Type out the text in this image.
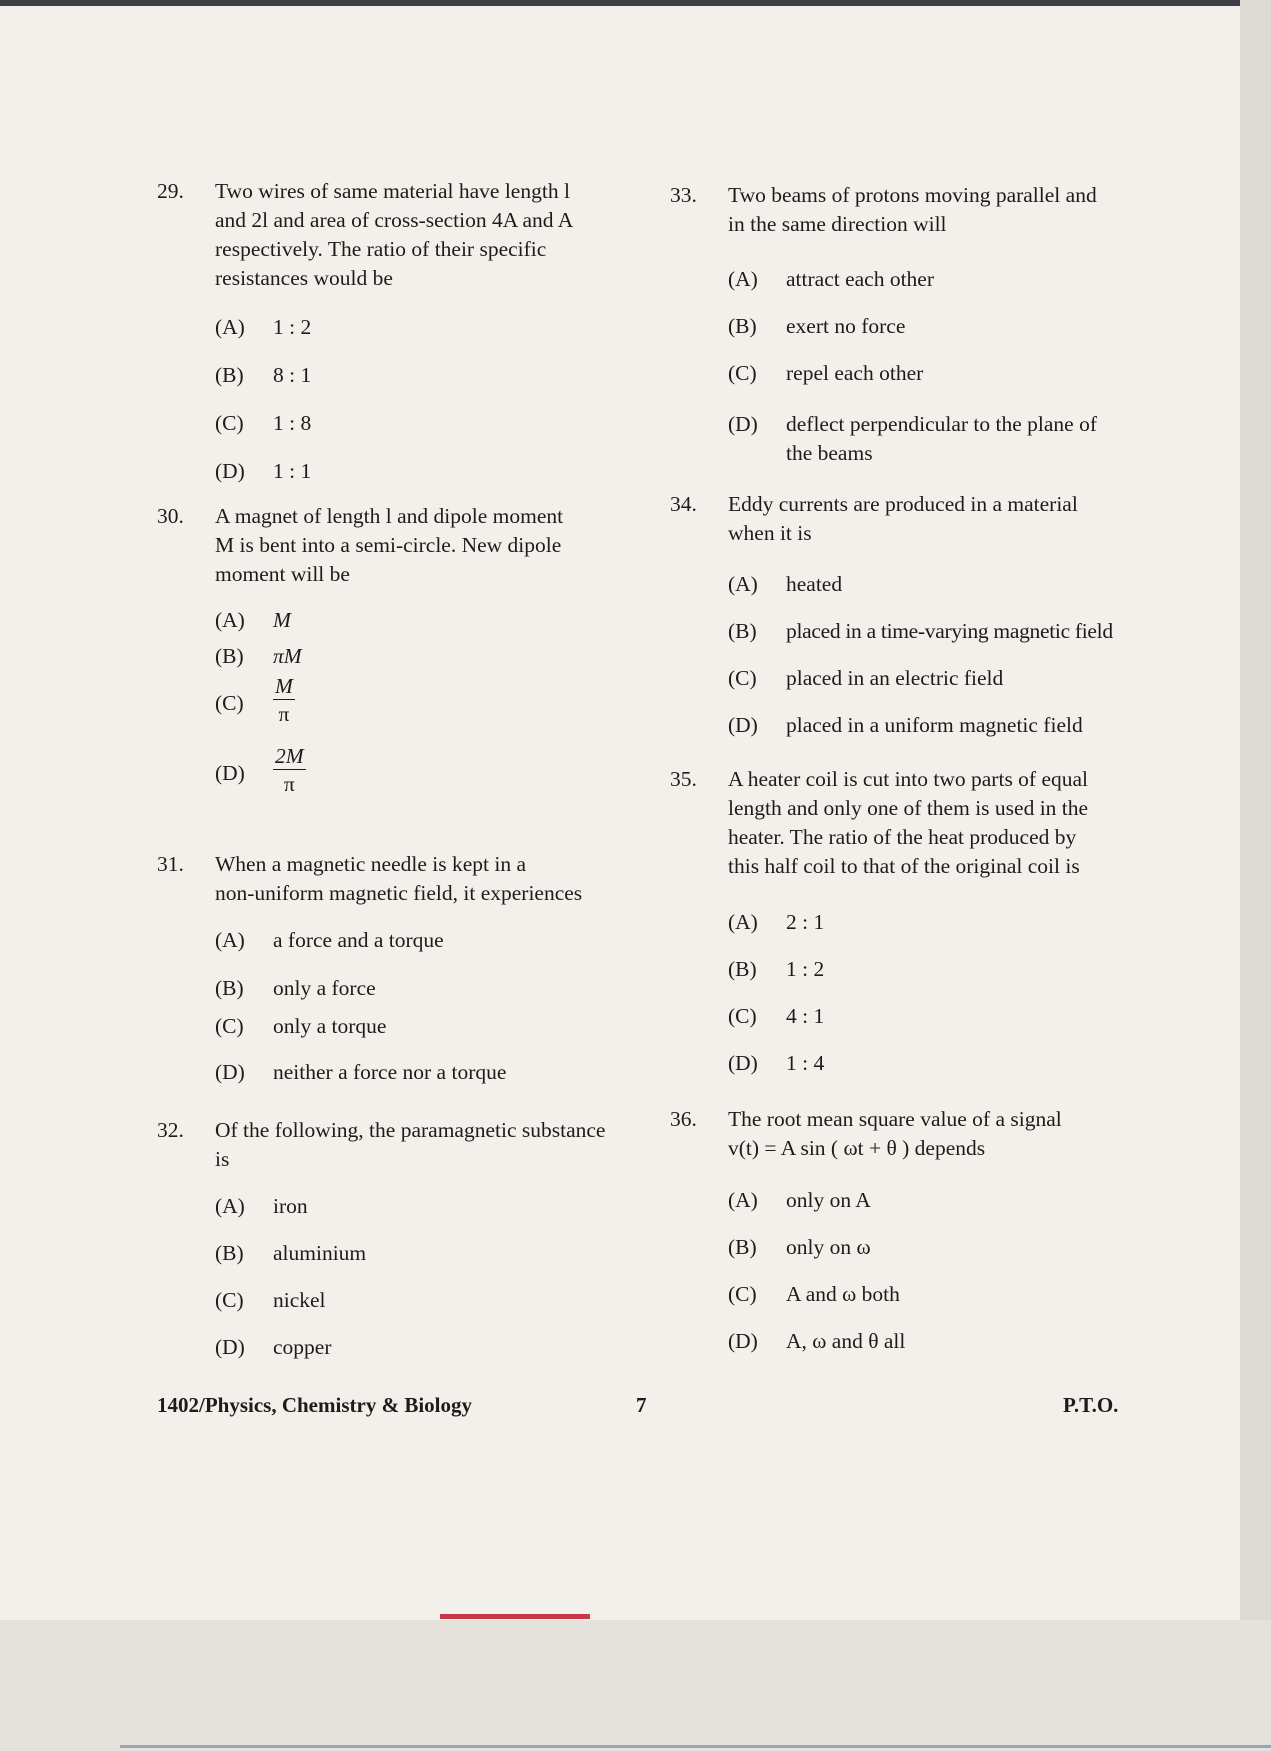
29. Two wires of same material have length l
and 2l and area of cross-section 4A and A
respectively. The ratio of their specific
resistances would be
(A) 1 : 2
(B) 8 : 1
(C) 1 : 8
(D) 1 : 1
30. A magnet of length l and dipole moment
M is bent into a semi-circle. New dipole
moment will be
(A) M
(B) πM
$(C) \frac{M}{\pi}$
$(D) \frac{2M}{\pi}$
31. When a magnetic needle is kept in a
non-uniform magnetic field, it experiences
(A) a force and a torque
(B) only a force
(C) only a torque
(D) neither a force nor a torque
32. Of the following, the paramagnetic substance
is
(A) iron
(B) aluminium
(C) nickel
(D) copper
33. Two beams of protons moving parallel and
in the same direction will
(A) attract each other
(B) exert no force
(C) repel each other
(D) deflect perpendicular to the plane of the beams
34. Eddy currents are produced in a material
when it is
(A) heated
(B) placed in a time-varying magnetic field
(C) placed in an electric field
(D) placed in a uniform magnetic field
35. A heater coil is cut into two parts of equal
length and only one of them is used in the
heater. The ratio of the heat produced by
this half coil to that of the original coil is
(A) 2 : 1
(B) 1 : 2
(C) 4 : 1
(D) 1 : 4
36. The root mean square value of a signal
v(t) = A sin ( ωt + θ ) depends
(A) only on A
(B) only on ω
(C) A and ω both
(D) A, ω and θ all
1402/Physics, Chemistry & Biology	7	P.T.O.
